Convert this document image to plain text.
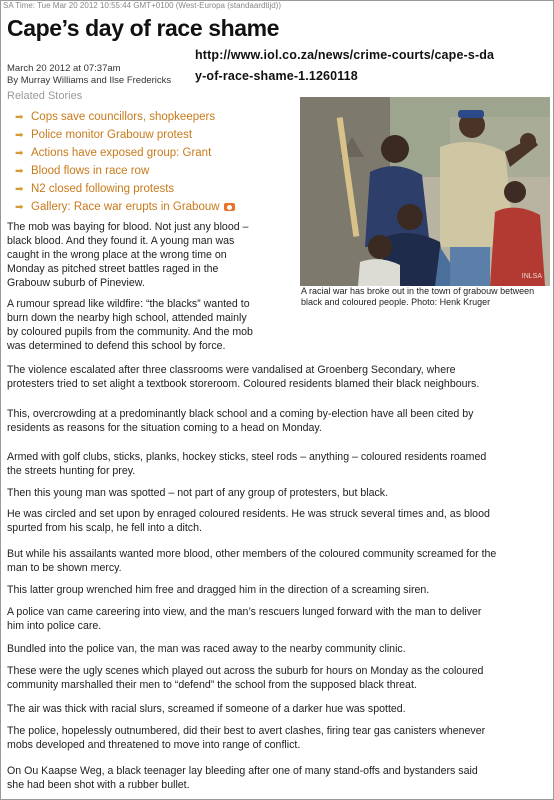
SA Time: Tue Mar 20 2012 10:55:44 GMT+0100 (West-Europa (standaardtijd))
Cape’s day of race shame
http://www.iol.co.za/news/crime-courts/cape-s-da
y-of-race-shame-1.1260118
March 20 2012 at 07:37am
By Murray Williams and Ilse Fredericks
Related Stories
➡ Cops save councillors, shopkeepers
➡ Police monitor Grabouw protest
➡ Actions have exposed group: Grant
➡ Blood flows in race row
➡ N2 closed following protests
➡ Gallery: Race war erupts in Grabouw
INLSA
A racial war has broke out in the town of grabouw between black and coloured people. Photo: Henk Kruger
The mob was baying for blood. Not just any blood –
black blood. And they found it. A young man was
caught in the wrong place at the wrong time on
Monday as pitched street battles raged in the
Grabouw suburb of Pineview.
A rumour spread like wildfire: “the blacks” wanted to
burn down the nearby high school, attended mainly
by coloured pupils from the community. And the mob
was determined to defend this school by force.
The violence escalated after three classrooms were vandalised at Groenberg Secondary, where
protesters tried to set alight a textbook storeroom. Coloured residents blamed their black neighbours.
This, overcrowding at a predominantly black school and a coming by-election have all been cited by
residents as reasons for the situation coming to a head on Monday.
Armed with golf clubs, sticks, planks, hockey sticks, steel rods – anything – coloured residents roamed
the streets hunting for prey.
Then this young man was spotted – not part of any group of protesters, but black.
He was circled and set upon by enraged coloured residents. He was struck several times and, as blood
spurted from his scalp, he fell into a ditch.
But while his assailants wanted more blood, other members of the coloured community screamed for the
man to be shown mercy.
This latter group wrenched him free and dragged him in the direction of a screaming siren.
A police van came careering into view, and the man’s rescuers lunged forward with the man to deliver
him into police care.
Bundled into the police van, the man was raced away to the nearby community clinic.
These were the ugly scenes which played out across the suburb for hours on Monday as the coloured
community marshalled their men to “defend” the school from the supposed black threat.
The air was thick with racial slurs, screamed if someone of a darker hue was spotted.
The police, hopelessly outnumbered, did their best to avert clashes, firing tear gas canisters whenever
mobs developed and threatened to move into range of conflict.
On Ou Kaapse Weg, a black teenager lay bleeding after one of many stand-offs and bystanders said
she had been shot with a rubber bullet.
